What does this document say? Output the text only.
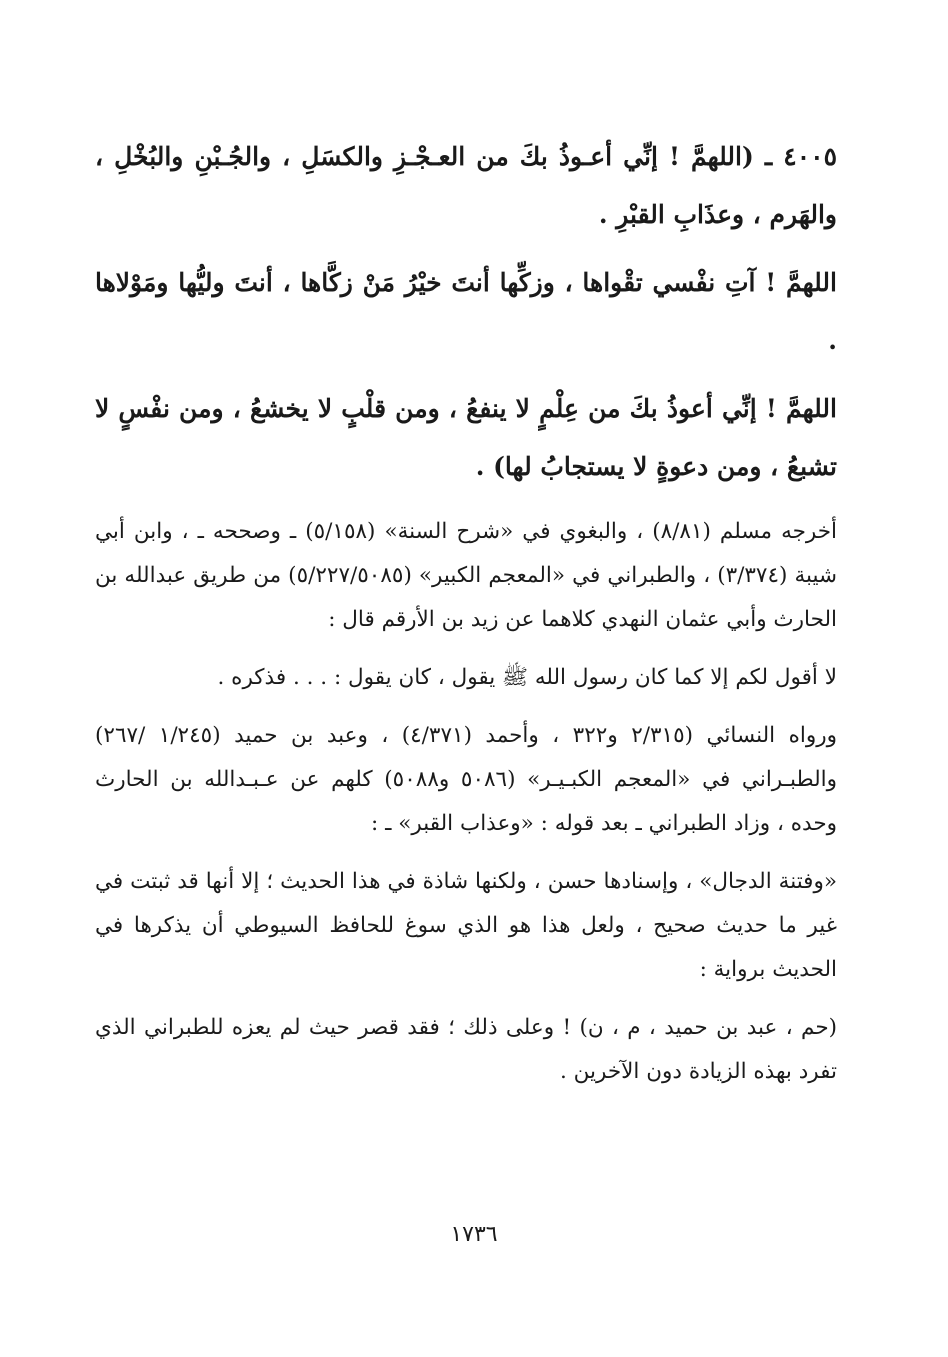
٤٠٠٥ ـ (اللهمَّ ! إنِّي أعـوذُ بكَ من العـجْـزِ والكسَلِ ، والجُـبْنِ والبُخْلِ ، والهَرم ، وعذَابِ القبْرِ .

اللهمَّ ! آتِ نفْسي تقْواها ، وزكِّها أنتَ خيْرُ مَنْ زكَّاها ، أنتَ وليُّها ومَوْلاها .

اللهمَّ ! إنِّي أعوذُ بكَ من عِلْمٍ لا ينفعُ ، ومن قلْبٍ لا يخشعُ ، ومن نفْسٍ لا تشبعُ ، ومن دعوةٍ لا يستجابُ لها) .

أخرجه مسلم (٨/٨١) ، والبغوي في «شرح السنة» (٥/١٥٨) ـ وصححه ـ ، وابن أبي شيبة (٣/٣٧٤) ، والطبراني في «المعجم الكبير» (٥/٢٢٧/٥٠٨٥) من طريق عبدالله بن الحارث وأبي عثمان النهدي كلاهما عن زيد بن الأرقم قال :

لا أقول لكم إلا كما كان رسول الله ﷺ يقول ، كان يقول : . . . فذكره .

ورواه النسائي (٢/٣١٥ و٣٢٢ ، وأحمد (٤/٣٧١) ، وعبد بن حميد (١/٢٤٥ /٢٦٧) والطبـراني في «المعجم الكبـيـر» (٥٠٨٦ و٥٠٨٨) كلهم عن عـبـدالله بن الحارث وحده ، وزاد الطبراني ـ بعد قوله : «وعذاب القبر» ـ :

«وفتنة الدجال» ، وإسنادها حسن ، ولكنها شاذة في هذا الحديث ؛ إلا أنها قد ثبتت في غير ما حديث صحيح ، ولعل هذا هو الذي سوغ للحافظ السيوطي أن يذكرها في الحديث برواية :

(حم ، عبد بن حميد ، م ، ن) ! وعلى ذلك ؛ فقد قصر حيث لم يعزه للطبراني الذي تفرد بهذه الزيادة دون الآخرين .

١٧٣٦
